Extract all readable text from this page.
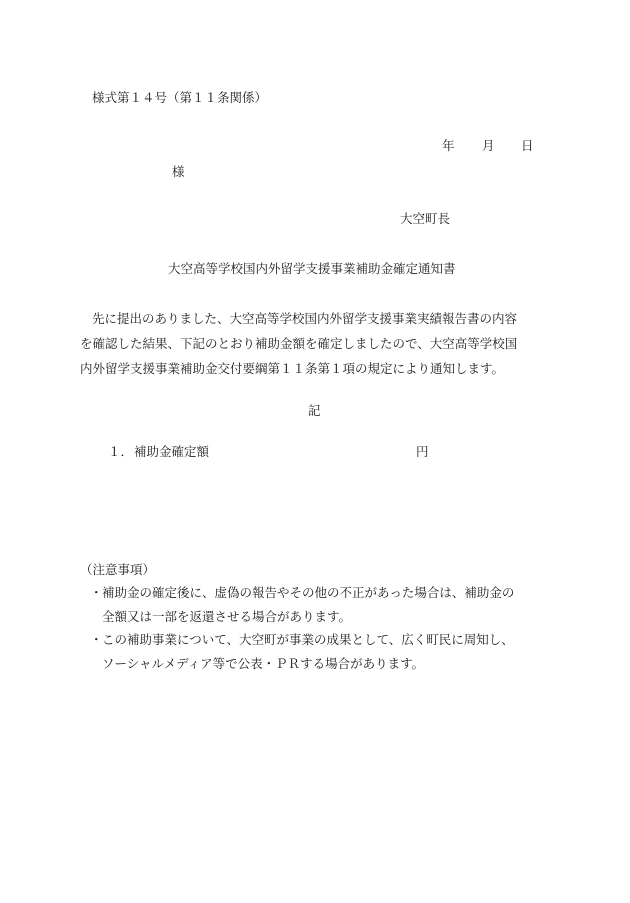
様式第１４号（第１１条関係）
年 月 日
様
大空町長
大空高等学校国内外留学支援事業補助金確定通知書
先に提出のありました、大空高等学校国内外留学支援事業実績報告書の内容
を確認した結果、下記のとおり補助金額を確定しましたので、大空高等学校国
内外留学支援事業補助金交付要綱第１１条第１項の規定により通知します。
記
１． 補助金確定額	円
（注意事項）
・ 補助金の確定後に、虚偽の報告やその他の不正があった場合は、補助金の
全額又は一部を返還させる場合があります。
・ この補助事業について、大空町が事業の成果として、広く町民に周知し、
ソーシャルメディア等で公表・ＰＲする場合があります。
